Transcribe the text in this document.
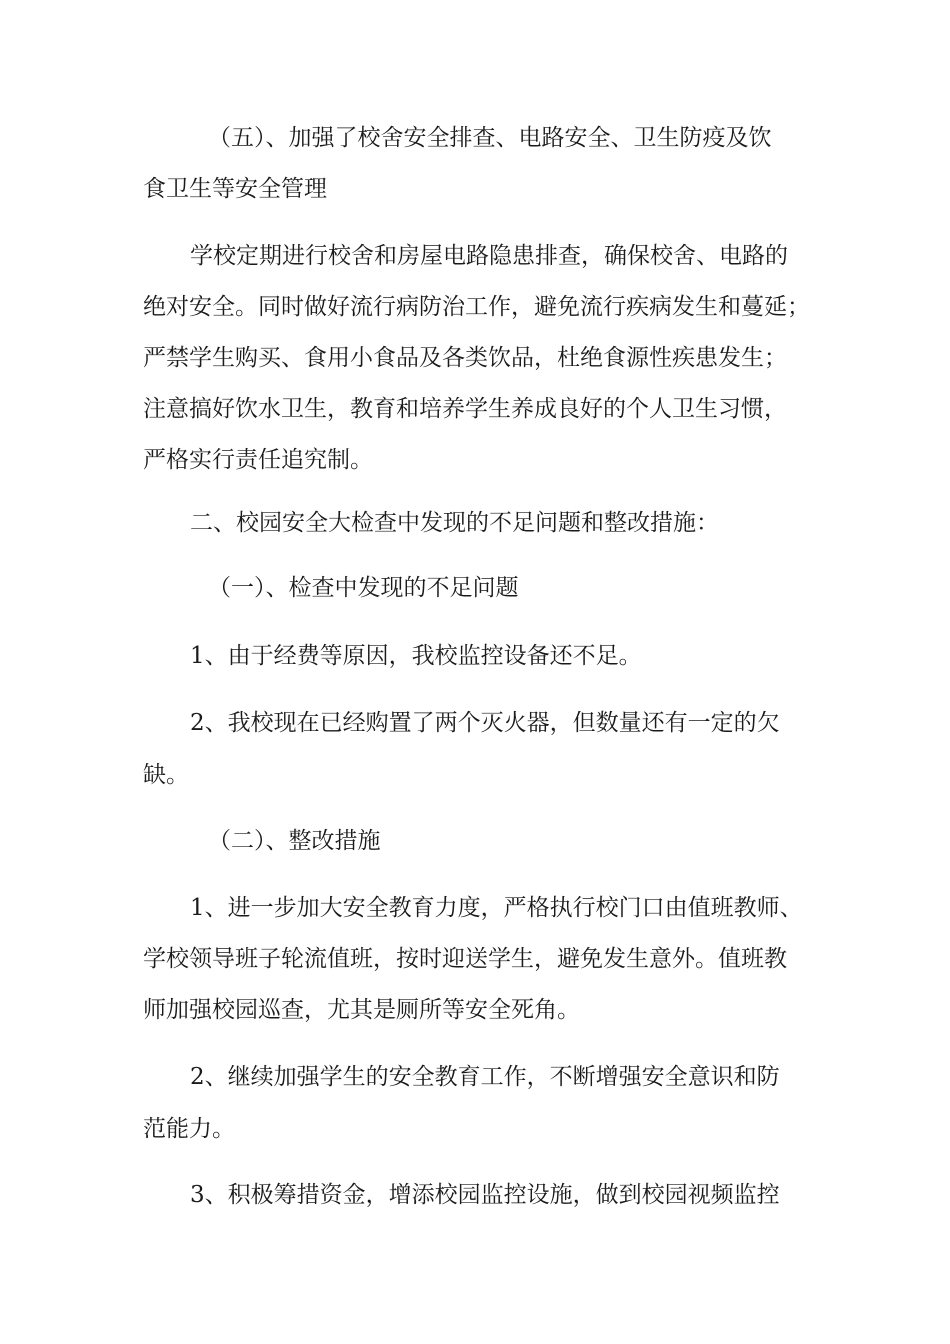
（五）、加强了校舍安全排查、电路安全、卫生防疫及饮
食卫生等安全管理
学校定期进行校舍和房屋电路隐患排查，确保校舍、电路的
绝对安全。同时做好流行病防治工作，避免流行疾病发生和蔓延；
严禁学生购买、食用小食品及各类饮品，杜绝食源性疾患发生；
注意搞好饮水卫生，教育和培养学生养成良好的个人卫生习惯，
严格实行责任追究制。
二、校园安全大检查中发现的不足问题和整改措施：
（一）、检查中发现的不足问题
1、由于经费等原因，我校监控设备还不足。
2、我校现在已经购置了两个灭火器，但数量还有一定的欠
缺。
（二）、整改措施
1、进一步加大安全教育力度，严格执行校门口由值班教师、
学校领导班子轮流值班，按时迎送学生，避免发生意外。值班教
师加强校园巡查，尤其是厕所等安全死角。
2、继续加强学生的安全教育工作，不断增强安全意识和防
范能力。
3、积极筹措资金，增添校园监控设施，做到校园视频监控
